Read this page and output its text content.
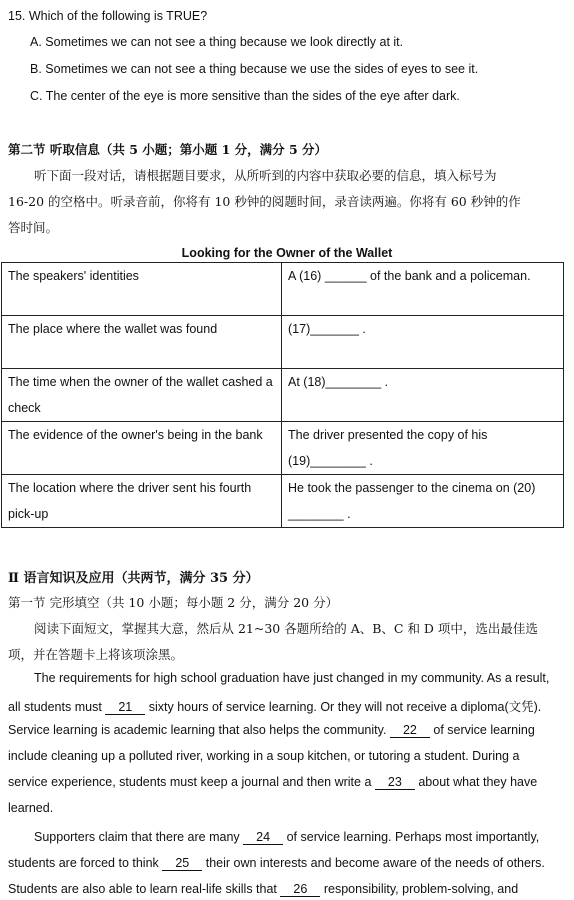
15. Which of the following is TRUE?
A. Sometimes we can not see a thing because we look directly at it.
B. Sometimes we can not see a thing because we use the sides of eyes to see it.
C. The center of the eye is more sensitive than the sides of the eye after dark.
第二节 听取信息（共 5 小题；第小题 1 分，满分 5 分）
听下面一段对话，请根据题目要求，从所听到的内容中获取必要的信息，填入标号为
16-20 的空格中。听录音前，你将有 10 秒钟的阅题时间，录音读两遍。你将有 60 秒钟的作
答时间。
Looking for the Owner of the Wallet
The speakers' identities	A (16) ______ of the bank and a policeman.
The place where the wallet was found	(17)_______ .
The time when the owner of the wallet cashed a check	At (18)________ .
The evidence of the owner's being in the bank	The driver presented the copy of his (19)________ .
The location where the driver sent his fourth pick-up	He took the passenger to the cinema on (20) ________ .
Ⅱ 语言知识及应用（共两节，满分 35 分）
第一节 完形填空（共 10 小题；每小题 2 分，满分 20 分）
阅读下面短文，掌握其大意，然后从 21~30 各题所给的 A、B、C 和 D 项中，选出最佳选
项，并在答题卡上将该项涂黑。
The requirements for high school graduation have just changed in my community. As a result,
all students must 21 sixty hours of service learning. Or they will not receive a diploma(文凭).
Service learning is academic learning that also helps the community. 22 of service learning
include cleaning up a polluted river, working in a soup kitchen, or tutoring a student. During a
service experience, students must keep a journal and then write a 23 about what they have
learned.
Supporters claim that there are many 24 of service learning. Perhaps most importantly,
students are forced to think 25 their own interests and become aware of the needs of others.
Students are also able to learn real-life skills that 26 responsibility, problem-solving, and
